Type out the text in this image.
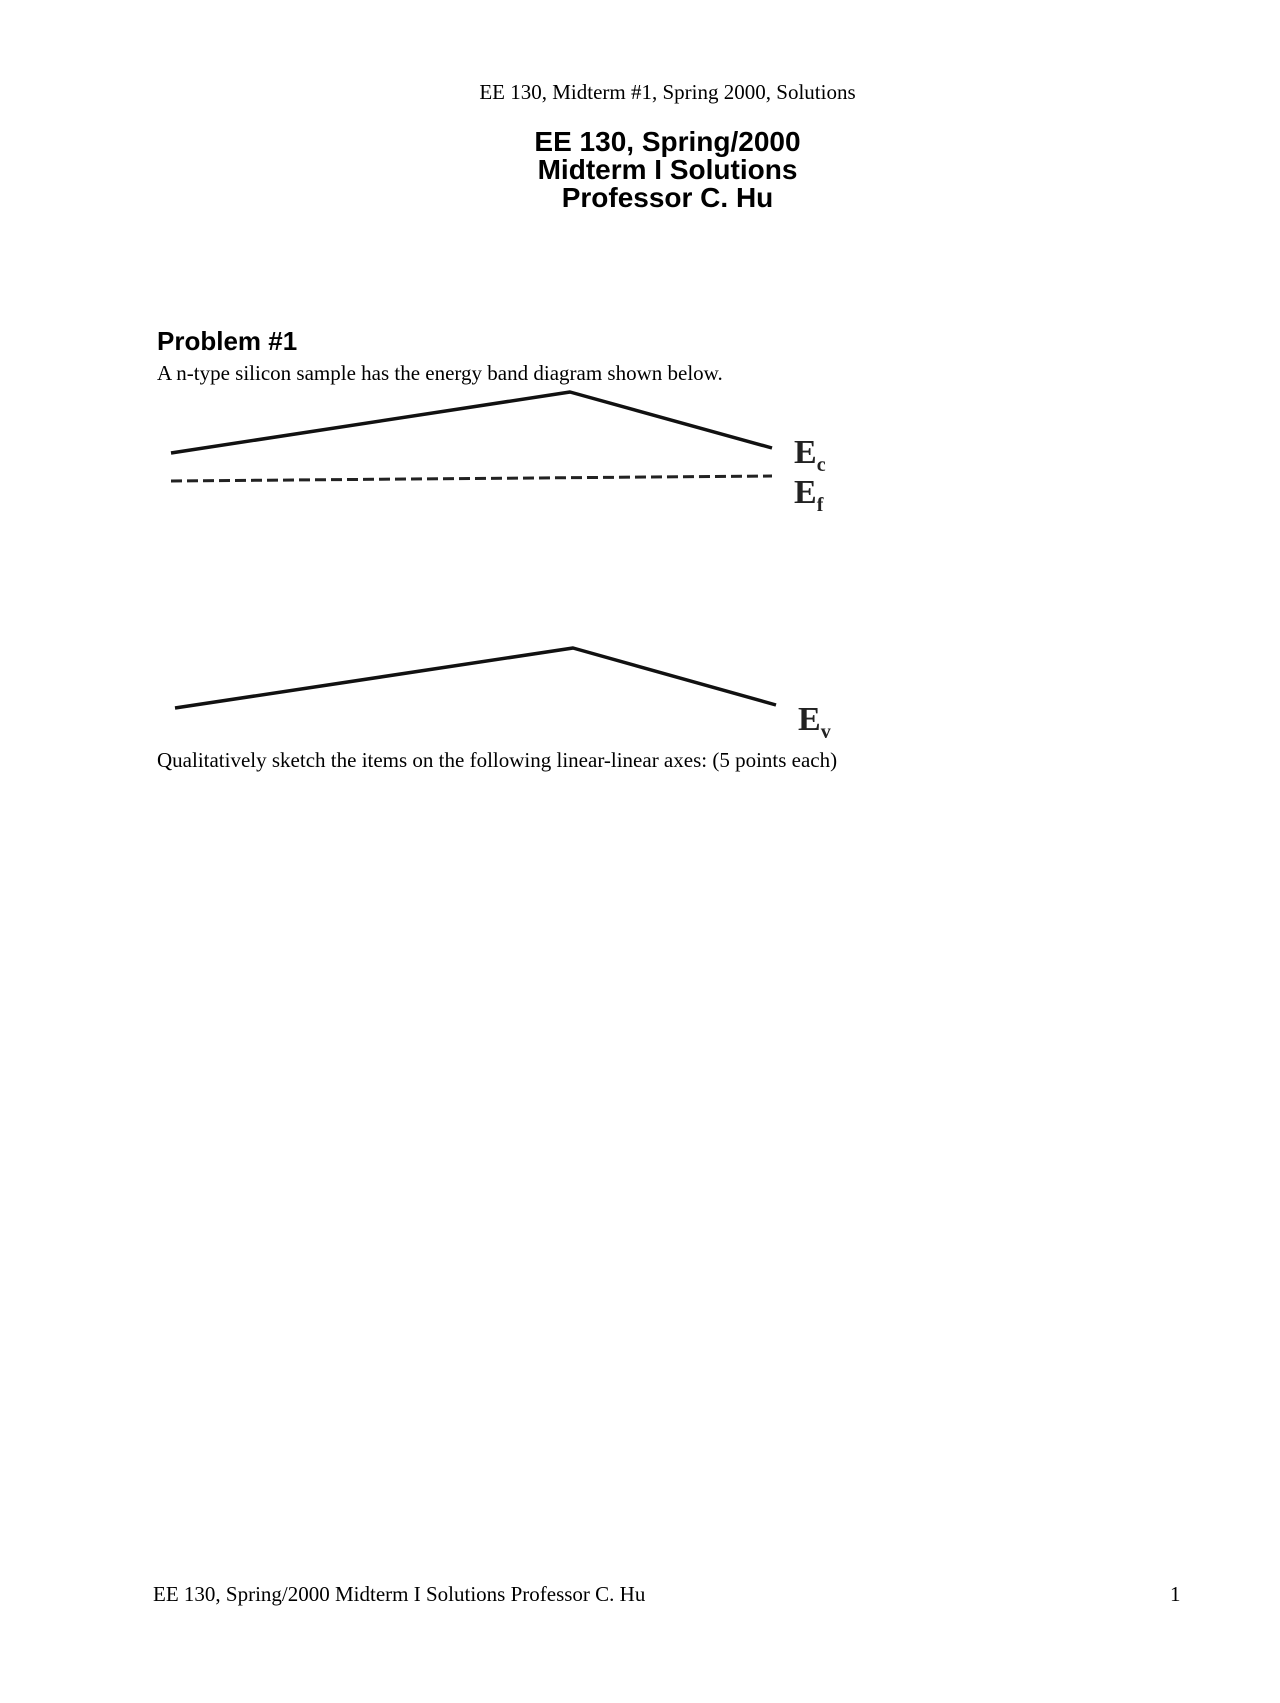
EE 130, Midterm #1, Spring 2000, Solutions
EE 130, Spring/2000
Midterm I Solutions
Professor C. Hu
Problem #1
A n-type silicon sample has the energy band diagram shown below.
$E_c$
$E_f$
$E_v$
Qualitatively sketch the items on the following linear-linear axes: (5 points each)
EE 130, Spring/2000 Midterm I Solutions Professor C. Hu	1
